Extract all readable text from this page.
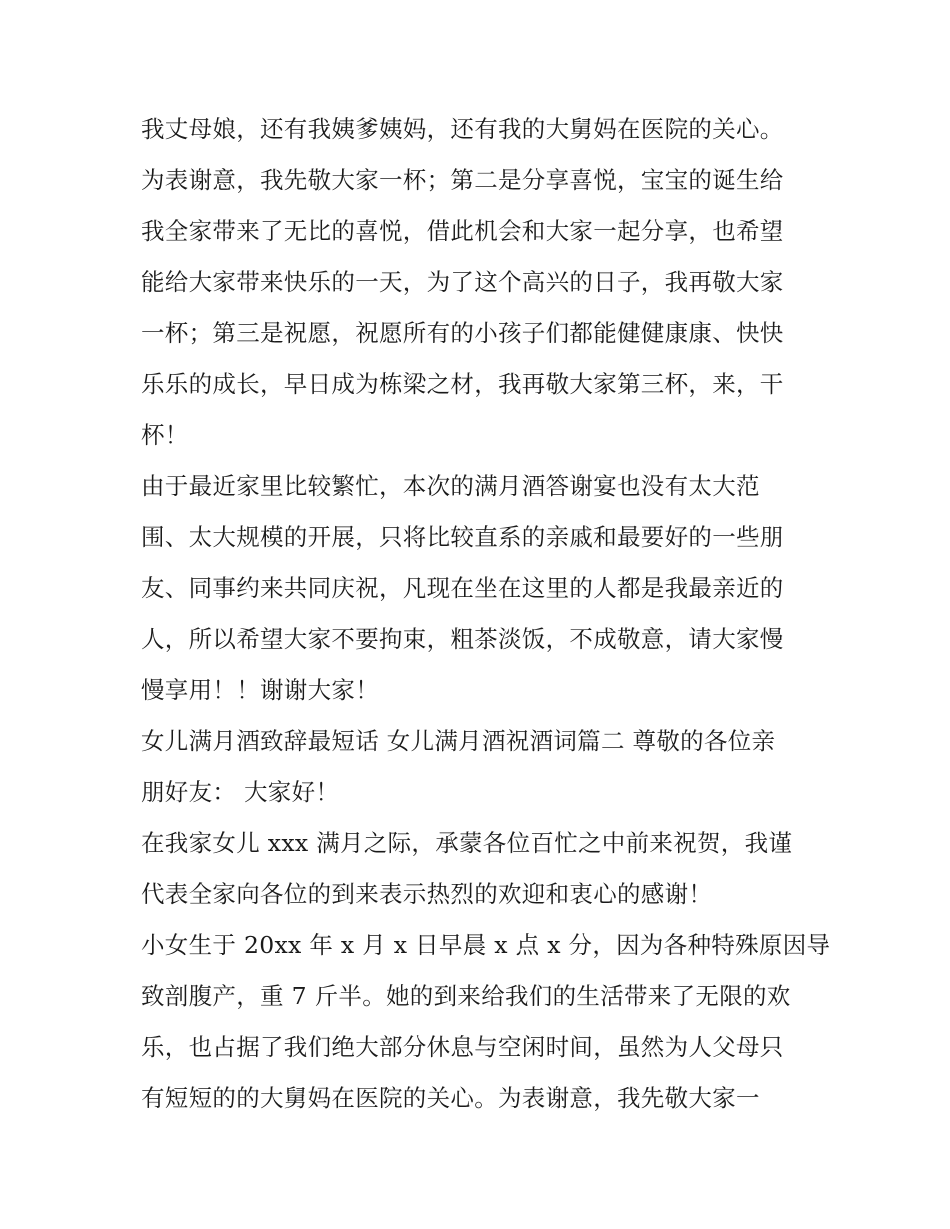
我丈母娘，还有我姨爹姨妈，还有我的大舅妈在医院的关心。
为表谢意，我先敬大家一杯；第二是分享喜悦，宝宝的诞生给
我全家带来了无比的喜悦，借此机会和大家一起分享，也希望
能给大家带来快乐的一天，为了这个高兴的日子，我再敬大家
一杯；第三是祝愿，祝愿所有的小孩子们都能健健康康、快快
乐乐的成长，早日成为栋梁之材，我再敬大家第三杯，来，干
杯！
由于最近家里比较繁忙，本次的满月酒答谢宴也没有太大范
围、太大规模的开展，只将比较直系的亲戚和最要好的一些朋
友、同事约来共同庆祝，凡现在坐在这里的人都是我最亲近的
人，所以希望大家不要拘束，粗茶淡饭，不成敬意，请大家慢
慢享用！！谢谢大家！
女儿满月酒致辞最短话 女儿满月酒祝酒词篇二 尊敬的各位亲
朋好友： 大家好！
在我家女儿 xxx 满月之际，承蒙各位百忙之中前来祝贺，我谨
代表全家向各位的到来表示热烈的欢迎和衷心的感谢！
小女生于 20xx 年 x 月 x 日早晨 x 点 x 分，因为各种特殊原因导
致剖腹产，重 7 斤半。她的到来给我们的生活带来了无限的欢
乐，也占据了我们绝大部分休息与空闲时间，虽然为人父母只
有短短的的大舅妈在医院的关心。为表谢意，我先敬大家一
